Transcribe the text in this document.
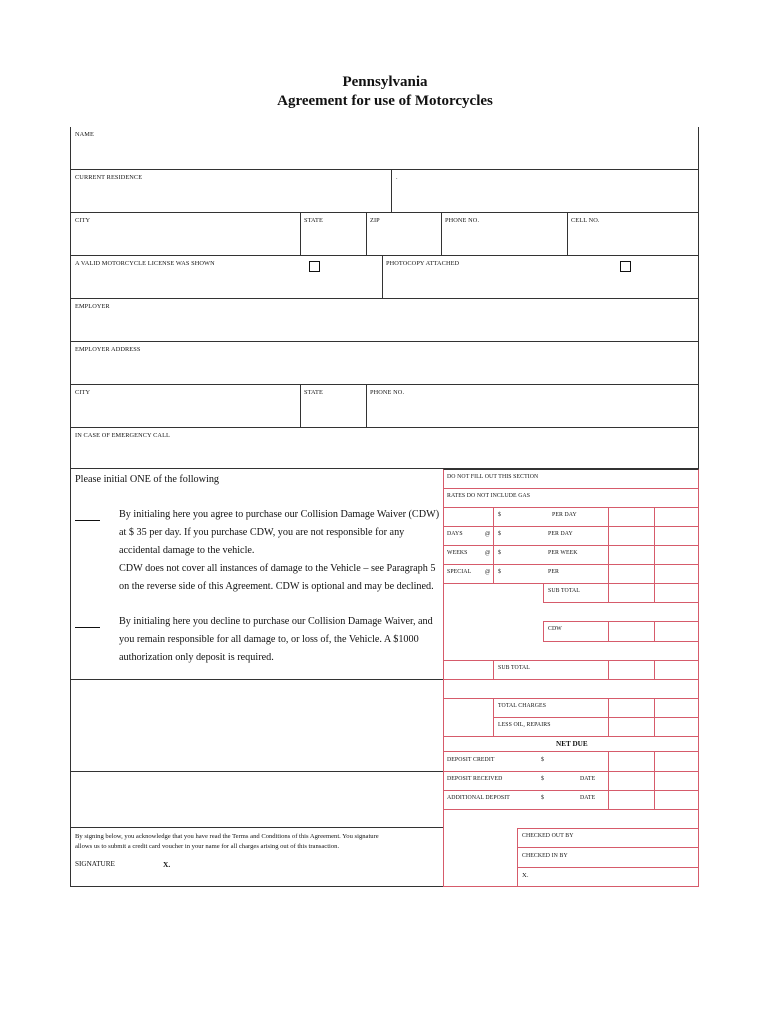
Pennsylvania
Agreement for use of Motorcycles
NAME
CURRENT RESIDENCE	.
CITY	STATE	ZIP	PHONE NO.	CELL NO.
A VALID MOTORCYCLE LICENSE WAS SHOWN	PHOTOCOPY ATTACHED
EMPLOYER
EMPLOYER ADDRESS
CITY	STATE	PHONE NO.
IN CASE OF EMERGENCY CALL
Please initial ONE of the following
By initialing here you agree to purchase our Collision Damage Waiver (CDW)
at $ 35 per day. If you purchase CDW, you are not responsible for any
accidental damage to the vehicle.
CDW does not cover all instances of damage to the Vehicle – see Paragraph 5
on the reverse side of this Agreement. CDW is optional and may be declined.
By initialing here you decline to purchase our Collision Damage Waiver, and
you remain responsible for all damage to, or loss of, the Vehicle. A $1000
authorization only deposit is required.
By signing below, you acknowledge that you have read the Terms and Conditions of this Agreement. You signature
allows us to submit a credit card voucher in your name for all charges arising out of this transaction.
SIGNATURE	X.
DO NOT FILL OUT THIS SECTION
RATES DO NOT INCLUDE GAS
$	PER DAY
DAYS	@ $	PER DAY
WEEKS	@ $	PER WEEK
SPECIAL @ $	PER
SUB TOTAL
CDW
SUB TOTAL
TOTAL CHARGES
LESS OIL, REPAIRS
NET DUE
DEPOSIT CREDIT	$
DEPOSIT RECEIVED	$	DATE
ADDITIONAL DEPOSIT	$	DATE
CHECKED OUT BY
CHECKED IN BY
X.
